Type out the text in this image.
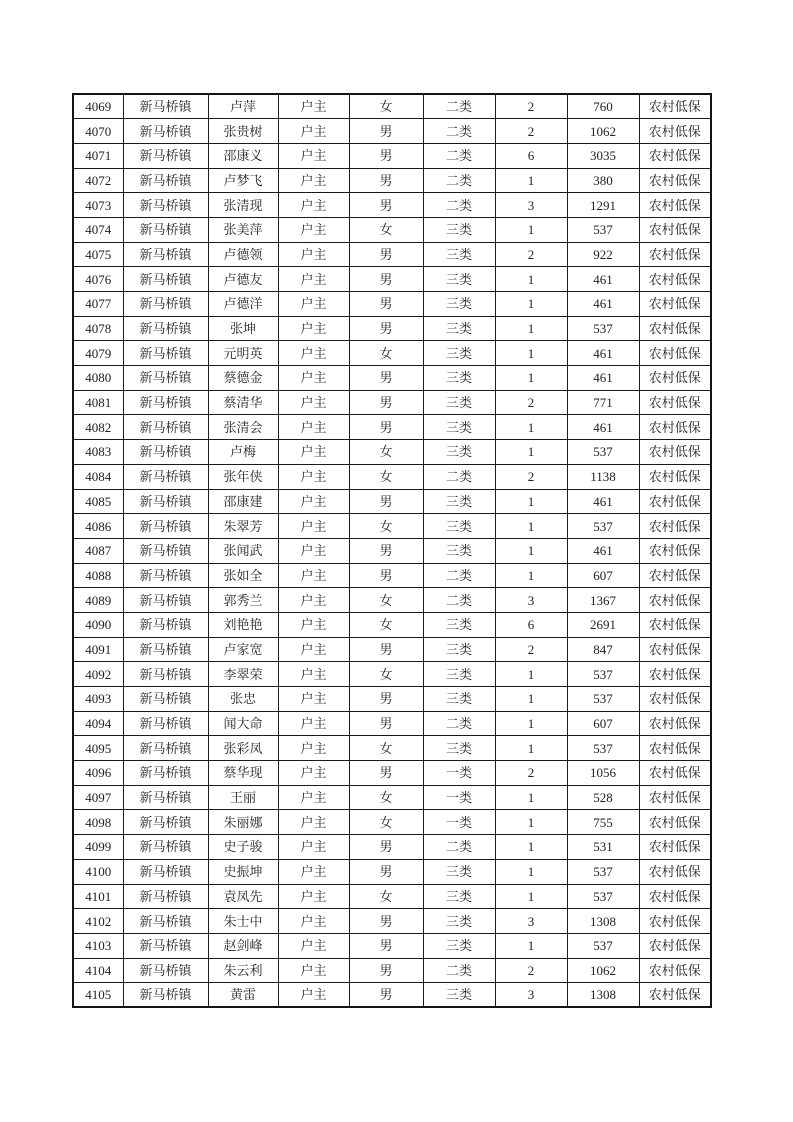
4069	新马桥镇	卢萍	户主	女	二类	2	760	农村低保
4070	新马桥镇	张贵树	户主	男	二类	2	1062	农村低保
4071	新马桥镇	邵康义	户主	男	二类	6	3035	农村低保
4072	新马桥镇	卢梦飞	户主	男	二类	1	380	农村低保
4073	新马桥镇	张清现	户主	男	二类	3	1291	农村低保
4074	新马桥镇	张美萍	户主	女	三类	1	537	农村低保
4075	新马桥镇	卢德领	户主	男	三类	2	922	农村低保
4076	新马桥镇	卢德友	户主	男	三类	1	461	农村低保
4077	新马桥镇	卢德洋	户主	男	三类	1	461	农村低保
4078	新马桥镇	张坤	户主	男	三类	1	537	农村低保
4079	新马桥镇	元明英	户主	女	三类	1	461	农村低保
4080	新马桥镇	蔡德金	户主	男	三类	1	461	农村低保
4081	新马桥镇	蔡清华	户主	男	三类	2	771	农村低保
4082	新马桥镇	张清会	户主	男	三类	1	461	农村低保
4083	新马桥镇	卢梅	户主	女	三类	1	537	农村低保
4084	新马桥镇	张年侠	户主	女	二类	2	1138	农村低保
4085	新马桥镇	邵康建	户主	男	三类	1	461	农村低保
4086	新马桥镇	朱翠芳	户主	女	三类	1	537	农村低保
4087	新马桥镇	张闻武	户主	男	三类	1	461	农村低保
4088	新马桥镇	张如全	户主	男	二类	1	607	农村低保
4089	新马桥镇	郭秀兰	户主	女	二类	3	1367	农村低保
4090	新马桥镇	刘艳艳	户主	女	三类	6	2691	农村低保
4091	新马桥镇	卢家宽	户主	男	三类	2	847	农村低保
4092	新马桥镇	李翠荣	户主	女	三类	1	537	农村低保
4093	新马桥镇	张忠	户主	男	三类	1	537	农村低保
4094	新马桥镇	闻大命	户主	男	二类	1	607	农村低保
4095	新马桥镇	张彩凤	户主	女	三类	1	537	农村低保
4096	新马桥镇	蔡华现	户主	男	一类	2	1056	农村低保
4097	新马桥镇	王丽	户主	女	一类	1	528	农村低保
4098	新马桥镇	朱丽娜	户主	女	一类	1	755	农村低保
4099	新马桥镇	史子骏	户主	男	二类	1	531	农村低保
4100	新马桥镇	史振坤	户主	男	三类	1	537	农村低保
4101	新马桥镇	袁凤先	户主	女	三类	1	537	农村低保
4102	新马桥镇	朱士中	户主	男	三类	3	1308	农村低保
4103	新马桥镇	赵剑峰	户主	男	三类	1	537	农村低保
4104	新马桥镇	朱云利	户主	男	二类	2	1062	农村低保
4105	新马桥镇	黄雷	户主	男	三类	3	1308	农村低保
